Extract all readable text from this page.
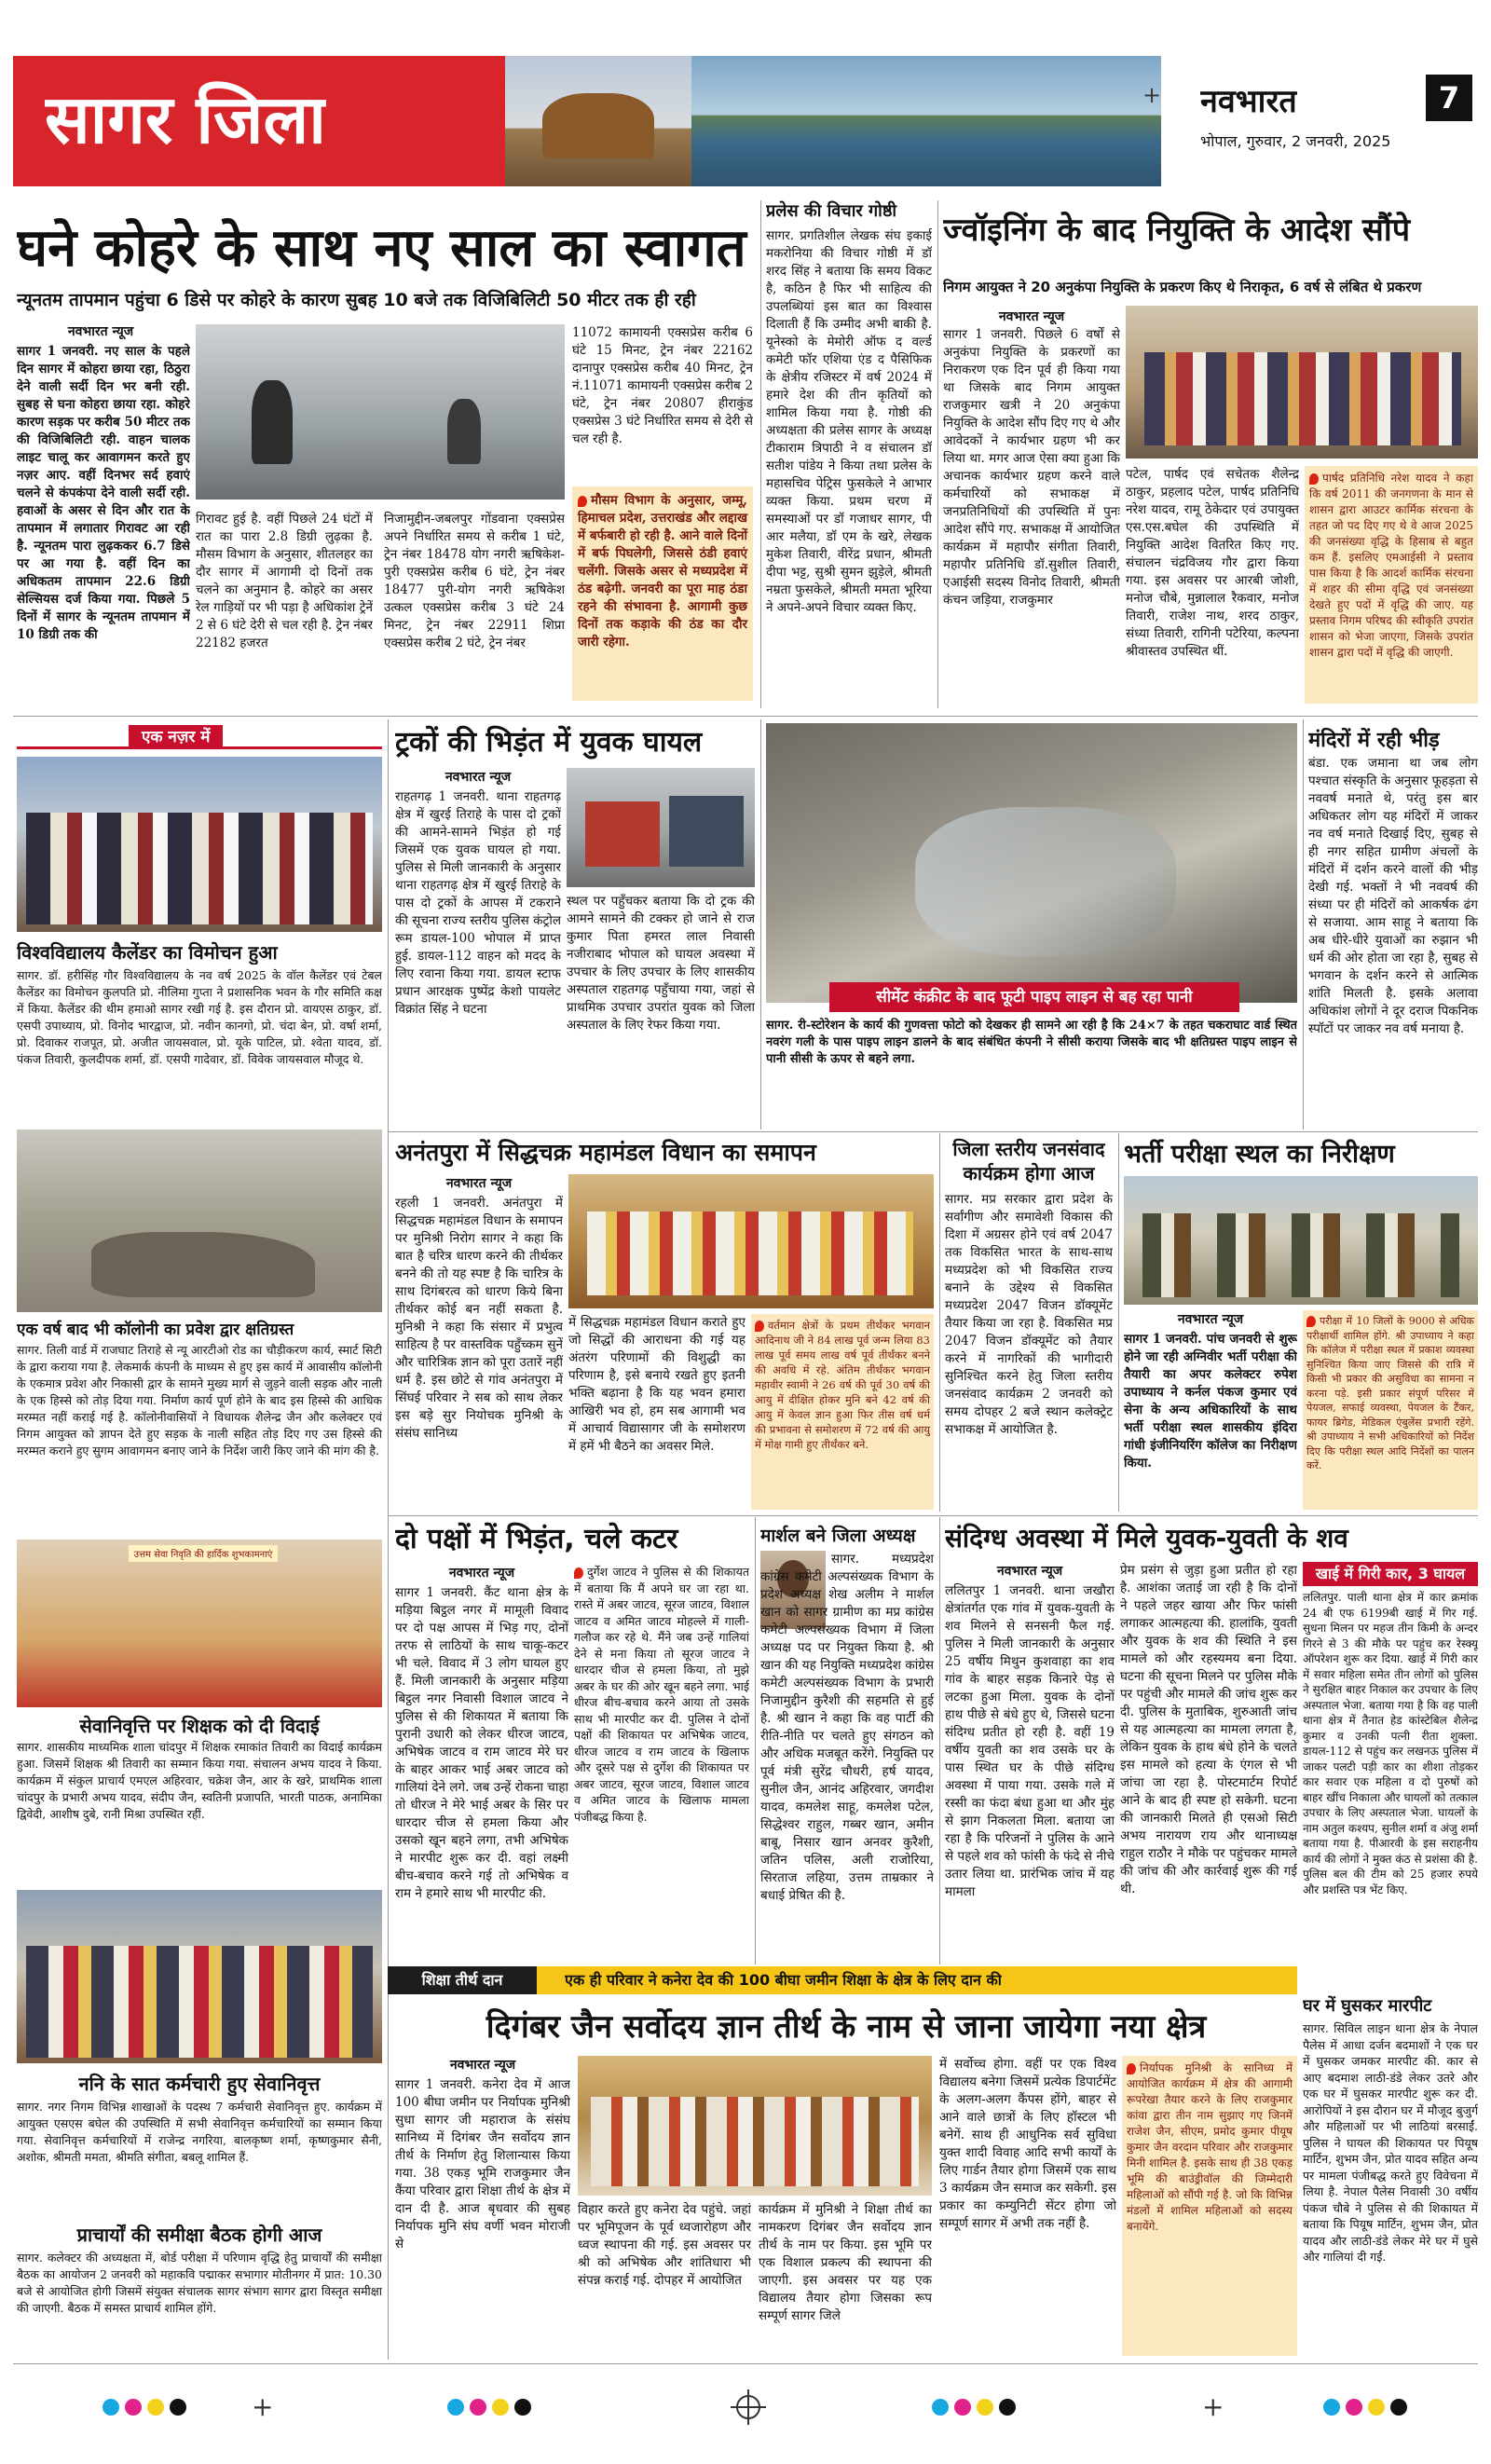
सागर जिला	+ नवभारत	7
भोपाल, गुरुवार, 2 जनवरी, 2025
घने कोहरे के साथ नए साल का स्वागत
न्यूनतम तापमान पहुंचा 6 डिसे पर कोहरे के कारण सुबह 10 बजे तक विजिबिलिटी 50 मीटर तक ही रही
नवभारत न्यूज
सागर 1 जनवरी. नए साल के पहले दिन सागर में कोहरा छाया रहा, ठिठुरा देने वाली सर्दी दिन भर बनी रही. सुबह से घना कोहरा छाया रहा. कोहरे कारण सड़क पर करीब 50 मीटर तक की विजिबिलिटी रही. वाहन चालक लाइट चालू कर आवागमन करते हुए नज़र आए. वहीं दिनभर सर्द हवाएं चलने से कंपकंपा देने वाली सर्दी रही. हवाओं के असर से दिन और रात के तापमान में लगातार गिरावट आ रही है. न्यूनतम पारा लुढ़ककर 6.7 डिसे पर आ गया है. वहीं दिन का अधिकतम तापमान 22.6 डिग्री सेल्सियस दर्ज किया गया. पिछले 5 दिनों में सागर के न्यूनतम तापमान में 10 डिग्री तक की
गिरावट हुई है. वहीं पिछले 24 घंटों में रात का पारा 2.8 डिग्री लुढ़का है. मौसम विभाग के अनुसार, शीतलहर का दौर सागर में आगामी दो दिनों तक चलने का अनुमान है. कोहरे का असर रेल गाड़ियों पर भी पड़ा है अधिकांश ट्रेनें 2 से 6 घंटे देरी से चल रही है. ट्रेन नंबर 22182 हजरत
निजामुद्दीन-जबलपुर गोंडवाना एक्सप्रेस अपने निर्धारित समय से करीब 1 घंटे, ट्रेन नंबर 18478 योग नगरी ऋषिकेश-पुरी एक्सप्रेस करीब 6 घंटे, ट्रेन नंबर 18477 पुरी-योग नगरी ऋषिकेश उत्कल एक्सप्रेस करीब 3 घंटे 24 मिनट, ट्रेन नंबर 22911 शिप्रा एक्सप्रेस करीब 2 घंटे, ट्रेन नंबर
11072 कामायनी एक्सप्रेस करीब 6 घंटे 15 मिनट, ट्रेन नंबर 22162 दानापुर एक्सप्रेस करीब 40 मिनट, ट्रेन नं.11071 कामायनी एक्सप्रेस करीब 2 घंटे, ट्रेन नंबर 20807 हीराकुंड एक्सप्रेस 3 घंटे निर्धारित समय से देरी से चल रही है.
मौसम विभाग के अनुसार, जम्मू, हिमाचल प्रदेश, उत्तराखंड और लद्दाख में बर्फबारी हो रही है. आने वाले दिनों में बर्फ पिघलेगी, जिससे ठंडी हवाएं चलेंगी. जिसके असर से मध्यप्रदेश में ठंड बढ़ेगी. जनवरी का पूरा माह ठंडा रहने की संभावना है. आगामी कुछ दिनों तक कड़ाके की ठंड का दौर जारी रहेगा.
प्रलेस की विचार गोष्ठी
सागर. प्रगतिशील लेखक संघ इकाई मकरोनिया की विचार गोष्ठी में डॉ शरद सिंह ने बताया कि समय विकट है, कठिन है फिर भी साहित्य की उपलब्धियां इस बात का विश्वास दिलाती हैं कि उम्मीद अभी बाकी है. यूनेस्को के मेमोरी ऑफ द वर्ल्ड कमेटी फॉर एशिया एंड द पैसिफिक के क्षेत्रीय रजिस्टर में वर्ष 2024 में हमारे देश की तीन कृतियों को शामिल किया गया है. गोष्ठी की अध्यक्षता की प्रलेस सागर के अध्यक्ष टीकाराम त्रिपाठी ने व संचालन डॉ सतीश पांडेय ने किया तथा प्रलेस के महासचिव पेट्रिस फुसकेले ने आभार व्यक्त किया. प्रथम चरण में समस्याओं पर डॉ गजाधर सागर, पी आर मलैया, डॉ एम के खरे, लेखक मुकेश तिवारी, वीरेंद्र प्रधान, श्रीमती दीपा भट्ट, सुश्री सुमन झुड़ेले, श्रीमती नम्रता फुसकेले, श्रीमती ममता भूरिया ने अपने-अपने विचार व्यक्त किए.
ज्वॉइनिंग के बाद नियुक्ति के आदेश सौंपे
निगम आयुक्त ने 20 अनुकंपा नियुक्ति के प्रकरण किए थे निराकृत, 6 वर्ष से लंबित थे प्रकरण
नवभारत न्यूज
सागर 1 जनवरी. पिछले 6 वर्षों से अनुकंपा नियुक्ति के प्रकरणों का निराकरण एक दिन पूर्व ही किया गया था जिसके बाद निगम आयुक्त राजकुमार खत्री ने 20 अनुकंपा नियुक्ति के आदेश सौंप दिए गए थे और आवेदकों ने कार्यभार ग्रहण भी कर लिया था. मगर आज ऐसा क्या हुआ कि अचानक कार्यभार ग्रहण करने वाले कर्मचारियों को सभाकक्ष में जनप्रतिनिधियों की उपस्थिति में पुनः आदेश सौंपे गए. सभाकक्ष में आयोजित कार्यक्रम में महापौर संगीता तिवारी, महापौर प्रतिनिधि डॉ.सुशील तिवारी, एआईसी सदस्य विनोद तिवारी, श्रीमती कंचन जड़िया, राजकुमार
पटेल, पार्षद एवं सचेतक शैलेन्द्र ठाकुर, प्रहलाद पटेल, पार्षद प्रतिनिधि नरेश यादव, रामू ठेकेदार एवं उपायुक्त एस.एस.बघेल की उपस्थिति में नियुक्ति आदेश वितरित किए गए. संचालन चंद्रविजय गौर द्वारा किया गया. इस अवसर पर आरबी जोशी, मनोज चौबे, मुन्नालाल रैकवार, मनोज तिवारी, राजेश नाथ, शरद ठाकुर, संध्या तिवारी, रागिनी पटेरिया, कल्पना श्रीवास्तव उपस्थित थीं.
पार्षद प्रतिनिधि नरेश यादव ने कहा कि वर्ष 2011 की जनगणना के मान से शासन द्वारा आउटर कार्मिक संरचना के तहत जो पद दिए गए थे वे आज 2025 की जनसंख्या वृद्धि के हिसाब से बहुत कम हैं. इसलिए एमआईसी ने प्रस्ताव पास किया है कि आदर्श कार्मिक संरचना में शहर की सीमा वृद्धि एवं जनसंख्या देखते हुए पदों में वृद्धि की जाए. यह प्रस्ताव निगम परिषद की स्वीकृति उपरांत शासन को भेजा जाएगा, जिसके उपरांत शासन द्वारा पदों में वृद्धि की जाएगी.
एक नज़र में
विश्वविद्यालय कैलेंडर का विमोचन हुआ
सागर. डॉ. हरीसिंह गौर विश्वविद्यालय के नव वर्ष 2025 के वॉल कैलेंडर एवं टेबल कैलेंडर का विमोचन कुलपति प्रो. नीलिमा गुप्ता ने प्रशासनिक भवन के गौर समिति कक्ष में किया. कैलेंडर की थीम हमाओ सागर रखी गई है. इस दौरान प्रो. वायएस ठाकुर, डॉ. एसपी उपाध्याय, प्रो. विनोद भारद्वाज, प्रो. नवीन कानगो, प्रो. चंदा बेन, प्रो. वर्षा शर्मा, प्रो. दिवाकर राजपूत, प्रो. अजीत जायसवाल, प्रो. यूके पाटिल, प्रो. श्वेता यादव, डॉ. पंकज तिवारी, कुलदीपक शर्मा, डॉ. एसपी गादेवार, डॉ. विवेक जायसवाल मौजूद थे.
एक वर्ष बाद भी कॉलोनी का प्रवेश द्वार क्षतिग्रस्त
सागर. तिली वार्ड में राजघाट तिराहे से न्यू आरटीओ रोड का चौड़ीकरण कार्य, स्मार्ट सिटी के द्वारा कराया गया है. लेकमार्क कंपनी के माध्यम से हुए इस कार्य में आवासीय कॉलोनी के एकमात्र प्रवेश और निकासी द्वार के सामने मुख्य मार्ग से जुड़ने वाली सड़क और नाली के एक हिस्से को तोड़ दिया गया. निर्माण कार्य पूर्ण होने के बाद इस हिस्से की आधिक मरम्मत नहीं कराई गई है. कॉलोनीवासियों ने विधायक शैलेन्द्र जैन और कलेक्टर एवं निगम आयुक्त को ज्ञापन देते हुए सड़क के नाली सहित तोड़ दिए गए उस हिस्से की मरम्मत कराने हुए सुगम आवागमन बनाए जाने के निर्देश जारी किए जाने की मांग की है.
उत्तम सेवा निवृति की हार्दिक शुभकामनाएं
सेवानिवृत्ति पर शिक्षक को दी विदाई
सागर. शासकीय माध्यमिक शाला चांदपुर में शिक्षक रमाकांत तिवारी का विदाई कार्यक्रम हुआ. जिसमें शिक्षक श्री तिवारी का सम्मान किया गया. संचालन अभय यादव ने किया. कार्यक्रम में संकुल प्राचार्य एमएल अहिरवार, चक्रेश जैन, आर के खरे, प्राथमिक शाला चांदपुर के प्रभारी अभय यादव, संदीप जैन, स्वतिनी प्रजापति, भारती पाठक, अनामिका द्विवेदी, आशीष दुबे, रानी मिश्रा उपस्थित रहीं.
ननि के सात कर्मचारी हुए सेवानिवृत्त
सागर. नगर निगम विभिन्न शाखाओं के पदस्थ 7 कर्मचारी सेवानिवृत्त हुए. कार्यक्रम में आयुक्त एसएस बघेल की उपस्थिति में सभी सेवानिवृत्त कर्मचारियों का सम्मान किया गया. सेवानिवृत्त कर्मचारियों में राजेन्द्र नगरिया, बालकृष्ण शर्मा, कृष्णकुमार सैनी, अशोक, श्रीमती ममता, श्रीमति संगीता, बबलू शामिल हैं.
प्राचार्यों की समीक्षा बैठक होगी आज
सागर. कलेक्टर की अध्यक्षता में, बोर्ड परीक्षा में परिणाम वृद्धि हेतु प्राचार्यों की समीक्षा बैठक का आयोजन 2 जनवरी को महाकवि पद्माकर सभागार मोतीनगर में प्रात: 10.30 बजे से आयोजित होगी जिसमें संयुक्त संचालक सागर संभाग सागर द्वारा विस्तृत समीक्षा की जाएगी. बैठक में समस्त प्राचार्य शामिल होंगे.
ट्रकों की भिड़ंत में युवक घायल
नवभारत न्यूज
राहतगढ़ 1 जनवरी. थाना राहतगढ़ क्षेत्र में खुरई तिराहे के पास दो ट्रकों की आमने-सामने भिड़ंत हो गई जिसमें एक युवक घायल हो गया. पुलिस से मिली जानकारी के अनुसार थाना राहतगढ़ क्षेत्र में खुरई तिराहे के पास दो ट्रकों के आपस में टकराने की सूचना राज्य स्तरीय पुलिस कंट्रोल रूम डायल-100 भोपाल में प्राप्त हुई. डायल-112 वाहन को मदद के लिए रवाना किया गया. डायल स्टाफ प्रधान आरक्षक पुष्पेंद्र केशो पायलेट विक्रांत सिंह ने घटना
स्थल पर पहुँचकर बताया कि दो ट्रक की आमने सामने की टक्कर हो जाने से राज कुमार पिता हमरत लाल निवासी नजीराबाद भोपाल को घायल अवस्था में उपचार के लिए उपचार के लिए शासकीय अस्पताल राहतगढ़ पहुँचाया गया, जहां से प्राथमिक उपचार उपरांत युवक को जिला अस्पताल के लिए रेफर किया गया.
सीमेंट कंक्रीट के बाद फूटी पाइप लाइन से बह रहा पानी
सागर. री-स्टोरेशन के कार्य की गुणवत्ता फोटो को देखकर ही सामने आ रही है कि 24×7 के तहत चकराघाट वार्ड स्थित नवरंग गली के पास पाइप लाइन डालने के बाद संबंधित कंपनी ने सीसी कराया जिसके बाद भी क्षतिग्रस्त पाइप लाइन से पानी सीसी के ऊपर से बहने लगा.
मंदिरों में रही भीड़
बंडा. एक जमाना था जब लोग पश्चात संस्कृति के अनुसार फूहड़ता से नववर्ष मनाते थे, परंतु इस बार अधिकतर लोग यह मंदिरों में जाकर नव वर्ष मनाते दिखाई दिए, सुबह से ही नगर सहित ग्रामीण अंचलों के मंदिरों में दर्शन करने वालों की भीड़ देखी गई. भक्तों ने भी नववर्ष की संध्या पर ही मंदिरों को आकर्षक ढंग से सजाया. आम साहू ने बताया कि अब धीरे-धीरे युवाओं का रुझान भी धर्म की ओर होता जा रहा है, सुबह से भगवान के दर्शन करने से आत्मिक शांति मिलती है. इसके अलावा अधिकांश लोगों ने दूर दराज पिकनिक स्पॉटों पर जाकर नव वर्ष मनाया है.
अनंतपुरा में सिद्धचक्र महामंडल विधान का समापन
नवभारत न्यूज
रहली 1 जनवरी. अनंतपुरा में सिद्धचक्र महामंडल विधान के समापन पर मुनिश्री निरोग सागर ने कहा कि बात है चरित्र धारण करने की तीर्थकर बनने की तो यह स्पष्ट है कि चारित्र के साथ दिगंबरत्व को धारण किये बिना तीर्थकर कोई बन नहीं सकता है. मुनिश्री ने कहा कि संसार में प्रभुत्व साहित्य है पर वास्तविक पहुँच्कम सुनें और चारित्रिक ज्ञान को पूरा उतारें नहीं धर्म है. इस छोटे से गांव अनंतपुरा में सिंघई परिवार ने सब को साथ लेकर इस बड़े सुर नियोचक मुनिश्री के संसंघ सानिध्य
में सिद्धचक्र महामंडल विधान कराते हुए जो सिद्धों की आराधना की गई यह अंतरंग परिणामों की विशुद्धी का परिणाम है, इसे बनाये रखते हुए इतनी भक्ति बढ़ाना है कि यह भवन हमारा आखिरी भव हो, हम सब आगामी भव में आचार्य विद्यासागर जी के समोशरण में हमें भी बैठने का अवसर मिले.
वर्तमान क्षेत्रों के प्रथम तीर्थंकर भगवान आदिनाथ जी ने 84 लाख पूर्व जन्म लिया 83 लाख पूर्व समय लाख वर्ष पूर्व तीर्थंकर बनने की अवधि में रहे. अंतिम तीर्थंकर भगवान महावीर स्वामी ने 26 वर्ष की पूर्व 30 वर्ष की आयु में दीक्षित होकर मुनि बने 42 वर्ष की आयु में केवल ज्ञान हुआ फिर तीस वर्ष धर्म की प्रभावना से समोशरण में 72 वर्ष की आयु में मोक्ष गामी हुए तीर्थंकर बने.
जिला स्तरीय जनसंवाद कार्यक्रम होगा आज
सागर. मप्र सरकार द्वारा प्रदेश के सर्वांगीण और समावेशी विकास की दिशा में अग्रसर होने एवं वर्ष 2047 तक विकसित भारत के साथ-साथ मध्यप्रदेश को भी विकसित राज्य बनाने के उद्देश्य से विकसित मध्यप्रदेश 2047 विजन डॉक्यूमेंट तैयार किया जा रहा है. विकसित मप्र 2047 विजन डॉक्यूमेंट को तैयार करने में नागरिकों की भागीदारी सुनिश्चित करने हेतु जिला स्तरीय जनसंवाद कार्यक्रम 2 जनवरी को समय दोपहर 2 बजे स्थान कलेक्ट्रेट सभाकक्ष में आयोजित है.
भर्ती परीक्षा स्थल का निरीक्षण
नवभारत न्यूज
सागर 1 जनवरी. पांच जनवरी से शुरू होने जा रही अग्निवीर भर्ती परीक्षा की तैयारी का अपर कलेक्टर रुपेश उपाध्याय ने कर्नल पंकज कुमार एवं सेना के अन्य अधिकारियों के साथ भर्ती परीक्षा स्थल शासकीय इंदिरा गांधी इंजीनियरिंग कॉलेज का निरीक्षण किया.
परीक्षा में 10 जिलों के 9000 से अधिक परीक्षार्थी शामिल होंगे. श्री उपाध्याय ने कहा कि कॉलेज में परीक्षा स्थल में प्रकाश व्यवस्था सुनिश्चित किया जाए जिससे की रात्रि में किसी भी प्रकार की असुविधा का सामना न करना पड़े. इसी प्रकार संपूर्ण परिसर में पेयजल, सफाई व्यवस्था, पेयजल के टैंकर, फायर ब्रिगेड, मेडिकल एंबुलेंस प्रभारी रहेंगे. श्री उपाध्याय ने सभी अधिकारियों को निर्देश दिए कि परीक्षा स्थल आदि निर्देशों का पालन करें.
दो पक्षों में भिड़ंत, चले कटर
नवभारत न्यूज
सागर 1 जनवरी. कैंट थाना क्षेत्र के मड़िया बिट्ठल नगर में मामूली विवाद पर दो पक्ष आपस में भिड़ गए, दोनों तरफ से लाठियों के साथ चाकू-कटर भी चले. विवाद में 3 लोग घायल हुए हैं. मिली जानकारी के अनुसार मड़िया बिट्ठल नगर निवासी विशाल जाटव ने पुलिस से की शिकायत में बताया कि पुरानी उधारी को लेकर धीरज जाटव, अभिषेक जाटव व राम जाटव मेरे घर के बाहर आकर भाई अबर जाटव को गालियां देने लगे. जब उन्हें रोकना चाहा तो धीरज ने मेरे भाई अबर के सिर पर धारदार चीज से हमला किया और उसको खून बहने लगा, तभी अभिषेक ने मारपीट शुरू कर दी. वहां लक्ष्मी बीच-बचाव करने गई तो अभिषेक व राम ने हमारे साथ भी मारपीट की.
दुर्गेश जाटव ने पुलिस से की शिकायत में बताया कि मैं अपने घर जा रहा था. रास्ते में अबर जाटव, सूरज जाटव, विशाल जाटव व अमित जाटव मोहल्ले में गाली-गलौज कर रहे थे. मैंने जब उन्हें गालियां देने से मना किया तो सूरज जाटव ने धारदार चीज से हमला किया, तो मुझे अबर के घर की ओर खून बहने लगा. भाई धीरज बीच-बचाव करने आया तो उसके साथ भी मारपीट कर दी. पुलिस ने दोनों पक्षों की शिकायत पर अभिषेक जाटव, धीरज जाटव व राम जाटव के खिलाफ और दूसरे पक्ष से दुर्गेश की शिकायत पर अबर जाटव, सूरज जाटव, विशाल जाटव व अमित जाटव के खिलाफ मामला पंजीबद्ध किया है.
मार्शल बने जिला अध्यक्ष
सागर. मध्यप्रदेश कांग्रेस कमेटी अल्पसंख्यक विभाग के प्रदेश अध्यक्ष शेख अलीम ने मार्शल खान को सागर ग्रामीण का मप्र कांग्रेस कमेटी अल्पसंख्यक विभाग में जिला अध्यक्ष पद पर नियुक्त किया है. श्री खान की यह नियुक्ति मध्यप्रदेश कांग्रेस कमेटी अल्पसंख्यक विभाग के प्रभारी निजामुद्दीन कुरैशी की सहमति से हुई है. श्री खान ने कहा कि वह पार्टी की रीति-नीति पर चलते हुए संगठन को और अधिक मजबूत करेंगे. नियुक्ति पर पूर्व मंत्री सुरेंद्र चौधरी, हर्ष यादव, सुनील जैन, आनंद अहिरवार, जगदीश यादव, कमलेश साहू, कमलेश पटेल, सिद्धेश्वर राहुल, गब्बर खान, अमीन बाबू, निसार खान अनवर कुरैशी, जतिन पलिस, अली राजोरिया, सिरताज लहिया, उत्तम ताम्रकार ने बधाई प्रेषित की है.
संदिग्ध अवस्था में मिले युवक-युवती के शव
नवभारत न्यूज
ललितपुर 1 जनवरी. थाना जखौरा क्षेत्रांतर्गत एक गांव में युवक-युवती के शव मिलने से सनसनी फैल गई. पुलिस ने मिली जानकारी के अनुसार 25 वर्षीय मिथुन कुशवाहा का शव गांव के बाहर सड़क किनारे पेड़ से लटका हुआ मिला. युवक के दोनों हाथ पीछे से बंधे हुए थे, जिससे घटना संदिग्ध प्रतीत हो रही है. वहीं 19 वर्षीय युवती का शव उसके घर के पास स्थित घर के पीछे संदिग्ध अवस्था में पाया गया. उसके गले में रस्सी का फंदा बंधा हुआ था और मुंह से झाग निकलता मिला. बताया जा रहा है कि परिजनों ने पुलिस के आने से पहले शव को फांसी के फंदे से नीचे उतार लिया था. प्रारंभिक जांच में यह मामला
प्रेम प्रसंग से जुड़ा हुआ प्रतीत हो रहा है. आशंका जताई जा रही है कि दोनों ने पहले जहर खाया और फिर फांसी लगाकर आत्महत्या की. हालांकि, युवती और युवक के शव की स्थिति ने इस मामले को और रहस्यमय बना दिया. घटना की सूचना मिलने पर पुलिस मौके पर पहुंची और मामले की जांच शुरू कर दी. पुलिस के मुताबिक, शुरुआती जांच से यह आत्महत्या का मामला लगता है, लेकिन युवक के हाथ बंधे होने के चलते इस मामले को हत्या के एंगल से भी जांचा जा रहा है. पोस्टमार्टम रिपोर्ट आने के बाद ही स्पष्ट हो सकेगी. घटना की जानकारी मिलते ही एसओ सिटी अभय नारायण राय और थानाध्यक्ष राहुल राठौर ने मौके पर पहुंचकर मामले की जांच की और कार्रवाई शुरू की गई थी.
खाई में गिरी कार, 3 घायल
ललितपुर. पाली थाना क्षेत्र में कार क्रमांक 24 बी एफ 6199बी खाई में गिर गई. सुधना मिलन पर महज तीन किमी के अन्दर गिरने से 3 की मौके पर पहुंच कर रेस्क्यू ऑपरेशन शुरू कर दिया. खाई में गिरी कार में सवार महिला समेत तीन लोगों को पुलिस ने सुरक्षित बाहर निकाल कर उपचार के लिए अस्पताल भेजा. बताया गया है कि वह पाली थाना क्षेत्र में तैनात हेड कांस्टेबिल शैलेन्द्र कुमार व उनकी पत्नी रीता शुक्ला. डायल-112 से पहुंच कर लखनऊ पुलिस में जाकर पलटी पड़ी कार का शीशा तोड़कर कार सवार एक महिला व दो पुरुषों को बाहर खींच निकाला और घायलों को तत्काल उपचार के लिए अस्पताल भेजा. घायलों के नाम अतुल कश्यप, सुनील शर्मा व अंजु शर्मा बताया गया है. पीआरवी के इस सराहनीय कार्य की लोगों ने मुक्त कंठ से प्रशंसा की है. पुलिस बल की टीम को 25 हजार रुपये और प्रशस्ति पत्र भेंट किए.
शिक्षा तीर्थ दान	एक ही परिवार ने कनेरा देव की 100 बीघा जमीन शिक्षा के क्षेत्र के लिए दान की
दिगंबर जैन सर्वोदय ज्ञान तीर्थ के नाम से जाना जायेगा नया क्षेत्र
नवभारत न्यूज
सागर 1 जनवरी. कनेरा देव में आज 100 बीघा जमीन पर निर्यापक मुनिश्री सुधा सागर जी महाराज के संसंघ सानिध्य में दिगंबर जैन सर्वोदय ज्ञान तीर्थ के निर्माण हेतु शिलान्यास किया गया. 38 एकड़ भूमि राजकुमार जैन कैंया परिवार द्वारा शिक्षा तीर्थ के क्षेत्र में दान दी है. आज बृधवार की सुबह निर्यापक मुनि संघ वर्णी भवन मोराजी से
विहार करते हुए कनेरा देव पहुंचे. जहां पर भूमिपूजन के पूर्व ध्वजारोहण और ध्वज स्थापना की गई. इस अवसर पर श्री को अभिषेक और शांतिधारा भी संपन्न कराई गई. दोपहर में आयोजित
कार्यक्रम में मुनिश्री ने शिक्षा तीर्थ का नामकरण दिगंबर जैन सर्वोदय ज्ञान तीर्थ के नाम पर किया. इस भूमि पर एक विशाल प्रकल्प की स्थापना की जाएगी. इस अवसर पर यह एक विद्यालय तैयार होगा जिसका रूप सम्पूर्ण सागर जिले
में सर्वोच्च होगा. वहीं पर एक विश्व विद्यालय बनेगा जिसमें प्रत्येक डिपार्टमेंट के अलग-अलग कैंपस होंगे, बाहर से आने वाले छात्रों के लिए हॉस्टल भी बनेगें. साथ ही आधुनिक सर्व सुविधा युक्त शादी विवाह आदि सभी कार्यों के लिए गार्डन तैयार होगा जिसमें एक साथ 3 कार्यक्रम जैन समाज कर सकेगी. इस प्रकार का कम्युनिटी सेंटर होगा जो सम्पूर्ण सागर में अभी तक नहीं है.
निर्यापक मुनिश्री के सानिध्य में आयोजित कार्यक्रम में क्षेत्र की आगामी रूपरेखा तैयार करने के लिए राजकुमार कांवा द्वारा तीन नाम सुझाए गए जिनमें राजेश जैन, सीएम, प्रमोद कुमार पीयूष कुमार जैन वरदान परिवार और राजकुमार मिनी शामिल है. इसके साथ ही 38 एकड़ भूमि की बाउंड्रीवॉल की जिम्मेदारी महिलाओं को सौंपी गई है. जो कि विभिन्न मंडलों में शामिल महिलाओं को सदस्य बनायेंगे.
घर में घुसकर मारपीट
सागर. सिविल लाइन थाना क्षेत्र के नेपाल पैलेस में आधा दर्जन बदमाशों ने एक घर में घुसकर जमकर मारपीट की. कार से आए बदमाश लाठी-डंडे लेकर उतरे और एक घर में घुसकर मारपीट शुरू कर दी. आरोपियों ने इस दौरान घर में मौजूद बुजुर्ग और महिलाओं पर भी लाठियां बरसाईं. पुलिस ने घायल की शिकायत पर पियूष मार्टिन, शुभम जैन, प्रोत यादव सहित अन्य पर मामला पंजीबद्ध करते हुए विवेचना में लिया है. नेपाल पैलेस निवासी 30 वर्षीय पंकज चौबे ने पुलिस से की शिकायत में बताया कि पियूष मार्टिन, शुभम जैन, प्रोत यादव और लाठी-डंडे लेकर मेरे घर में घुसे और गालियां दी गईं.
+	+
